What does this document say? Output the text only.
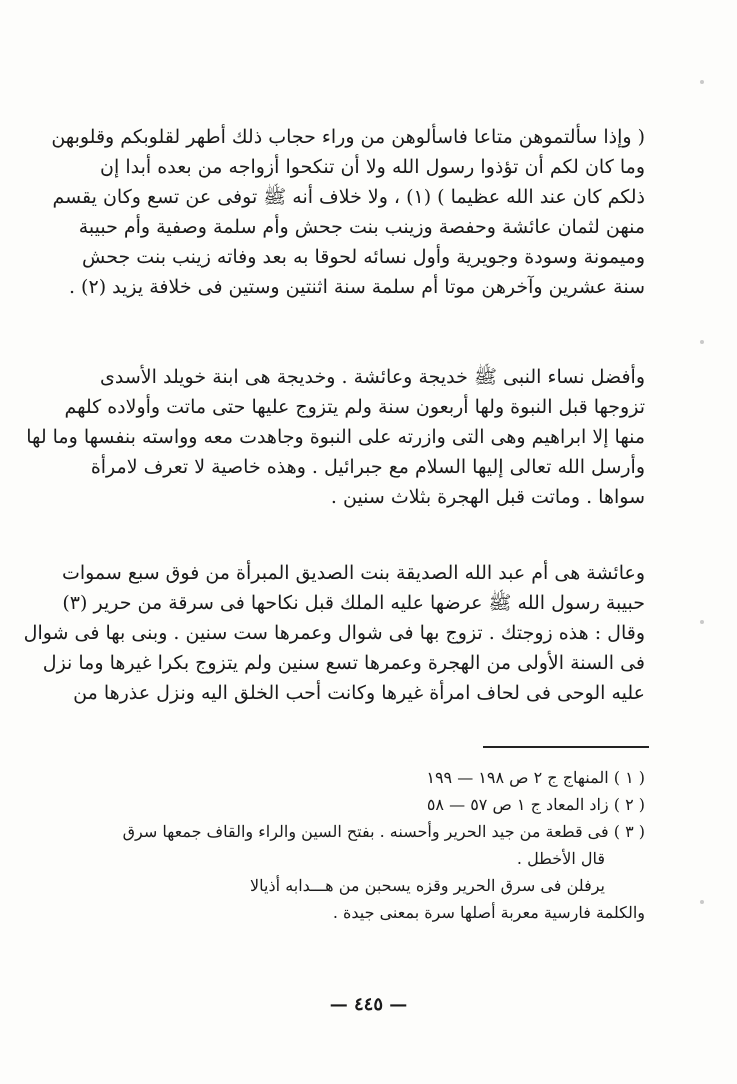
( وإذا سألتموهن متاعا فاسألوهن من وراء حجاب ذلك أطهر لقلوبكم وقلوبهن
وما كان لكم أن تؤذوا رسول الله ولا أن تنكحوا أزواجه من بعده أبدا إن
ذلكم كان عند الله عظيما ) (١) ، ولا خلاف أنه ﷺ توفى عن تسع وكان يقسم
منهن لثمان عائشة وحفصة وزينب بنت جحش وأم سلمة وصفية وأم حبيبة
وميمونة وسودة وجويرية وأول نسائه لحوقا به بعد وفاته زينب بنت جحش
سنة عشرين وآخرهن موتا أم سلمة سنة اثنتين وستين فى خلافة يزيد (٢) .
وأفضل نساء النبى ﷺ خديجة وعائشة . وخديجة هى ابنة خويلد الأسدى
تزوجها قبل النبوة ولها أربعون سنة ولم يتزوج عليها حتى ماتت وأولاده كلهم
منها إلا ابراهيم وهى التى وازرته على النبوة وجاهدت معه وواسته بنفسها وما لها
وأرسل الله تعالى إليها السلام مع جبرائيل . وهذه خاصية لا تعرف لامرأة
سواها . وماتت قبل الهجرة بثلاث سنين .
وعائشة هى أم عبد الله الصديقة بنت الصديق المبرأة من فوق سبع سموات
حبيبة رسول الله ﷺ عرضها عليه الملك قبل نكاحها فى سرقة من حرير (٣)
وقال : هذه زوجتك . تزوج بها فى شوال وعمرها ست سنين . وبنى بها فى شوال
فى السنة الأولى من الهجرة وعمرها تسع سنين ولم يتزوج بكرا غيرها وما نزل
عليه الوحى فى لحاف امرأة غيرها وكانت أحب الخلق اليه ونزل عذرها من
( ١ ) المنهاج ج ٢ ص ١٩٨ — ١٩٩
( ٢ ) زاد المعاد ج ١ ص ٥٧ — ٥٨
( ٣ ) فى قطعة من جيد الحرير وأحسنه . بفتح السين والراء والقاف جمعها سرق
قال الأخطل .
يرفلن فى سرق الحرير وقزه يسحبن من هـــدابه أذيالا
والكلمة فارسية معربة أصلها سرة بمعنى جيدة .
— ٤٤٥ —
